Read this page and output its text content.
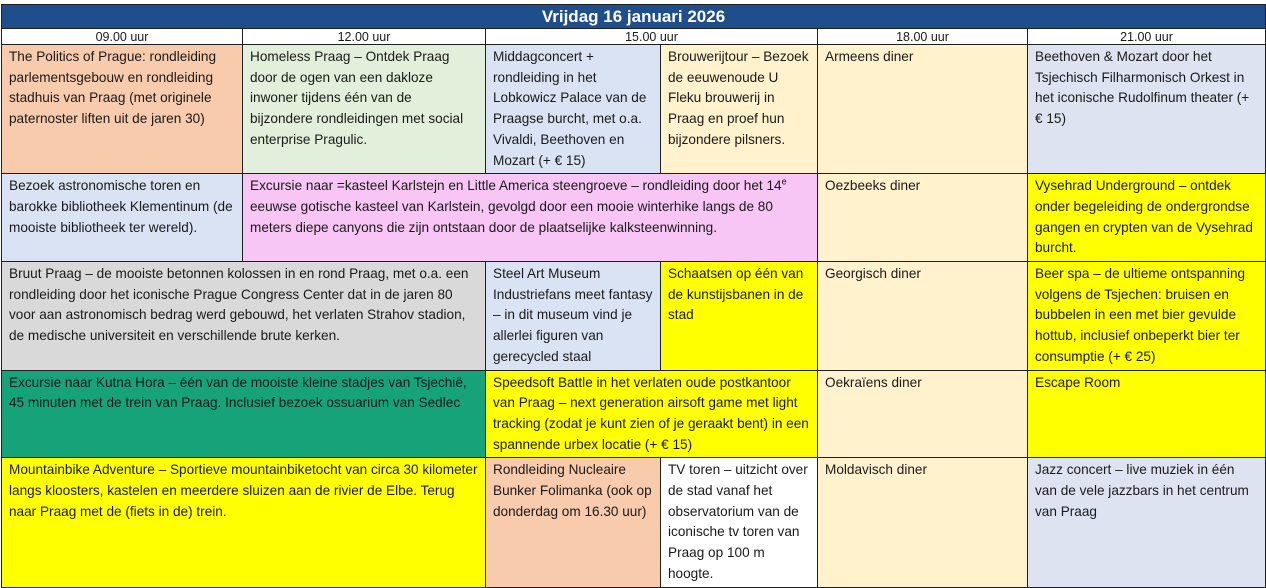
Vrijdag 16 januari 2026					
09.00 uur	12.00 uur	15.00 uur		18.00 uur	21.00 uur
The Politics of Prague: rondleiding parlementsgebouw en rondleiding stadhuis van Praag (met originele paternoster liften uit de jaren 30)	Homeless Praag – Ontdek Praag door de ogen van een dakloze inwoner tijdens één van de bijzondere rondleidingen met social enterprise Pragulic.	Middagconcert + rondleiding in het Lobkowicz Palace van de Praagse burcht, met o.a. Vivaldi, Beethoven en Mozart (+ € 15)	Brouwerijtour – Bezoek de eeuwenoude U Fleku brouwerij in Praag en proef hun bijzondere pilsners.	Armeens diner	Beethoven & Mozart door het Tsjechisch Filharmonisch Orkest in het iconische Rudolfinum theater (+ € 15)
Bezoek astronomische toren en barokke bibliotheek Klementinum (de mooiste bibliotheek ter wereld).	Excursie naar =kasteel Karlstejn en Little America steengroeve – rondleiding door het 14e eeuwse gotische kasteel van Karlstein, gevolgd door een mooie winterhike langs de 80 meters diepe canyons die zijn ontstaan door de plaatselijke kalksteenwinning.			Oezbeeks diner	Vysehrad Underground – ontdek onder begeleiding de ondergrondse gangen en crypten van de Vysehrad burcht.
Bruut Praag – de mooiste betonnen kolossen in en rond Praag, met o.a. een rondleiding door het iconische Prague Congress Center dat in de jaren 80 voor aan astronomisch bedrag werd gebouwd, het verlaten Strahov stadion, de medische universiteit en verschillende brute kerken.		Steel Art Museum Industriefans meet fantasy – in dit museum vind je allerlei figuren van gerecycled staal	Schaatsen op één van de kunstijsbanen in de stad	Georgisch diner	Beer spa – de ultieme ontspanning volgens de Tsjechen: bruisen en bubbelen in een met bier gevulde hottub, inclusief onbeperkt bier ter consumptie (+ € 25)
Excursie naar Kutna Hora – één van de mooiste kleine stadjes van Tsjechië, 45 minuten met de trein van Praag. Inclusief bezoek ossuarium van Sedlec		Speedsoft Battle in het verlaten oude postkantoor van Praag – next generation airsoft game met light tracking (zodat je kunt zien of je geraakt bent) in een spannende urbex locatie (+ € 15)		Oekraïens diner	Escape Room
Mountainbike Adventure – Sportieve mountainbiketocht van circa 30 kilometer langs kloosters, kastelen en meerdere sluizen aan de rivier de Elbe. Terug naar Praag met de (fiets in de) trein.		Rondleiding Nucleaire Bunker Folimanka (ook op donderdag om 16.30 uur)	TV toren – uitzicht over de stad vanaf het observatorium van de iconische tv toren van Praag op 100 m hoogte.	Moldavisch diner	Jazz concert – live muziek in één van de vele jazzbars in het centrum van Praag
